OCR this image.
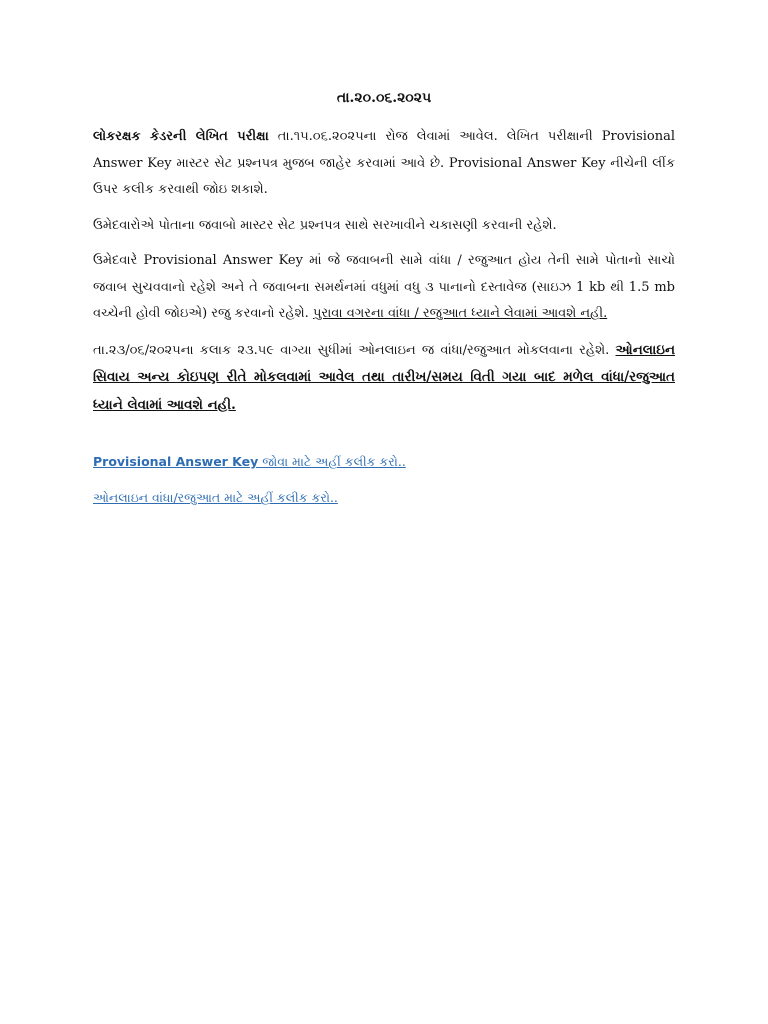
તા.૨૦.૦૬.૨૦૨૫

લોકરક્ષક કેડરની લેખિત પરીક્ષા તા.૧૫.૦૬.૨૦૨૫ના રોજ લેવામાં આવેલ. લેખિત પરીક્ષાની Provisional Answer Key માસ્ટર સેટ પ્રશ્નપત્ર મુજબ જાહેર કરવામાં આવે છે. Provisional Answer Key નીચેની લીંક ઉપર કલીક કરવાથી જોઇ શકાશે.

ઉમેદવારોએ પોતાના જવાબો માસ્ટર સેટ પ્રશ્નપત્ર સાથે સરખાવીને ચકાસણી કરવાની રહેશે.

ઉમેદવારે Provisional Answer Key માં જે જવાબની સામે વાંધા / રજુઆત હોય તેની સામે પોતાનો સાચો જવાબ સુચવવાનો રહેશે અને તે જવાબના સમર્થનમાં વધુમાં વધુ ૩ પાનાનો દસ્તાવેજ (સાઇઝ 1 kb થી 1.5 mb વચ્ચેની હોવી જોઇએ) રજુ કરવાનો રહેશે. પુરાવા વગરના વાંધા / રજુઆત ધ્યાને લેવામાં આવશે નહી.

તા.૨૩/૦૬/૨૦૨૫ના કલાક ૨૩.૫૯ વાગ્યા સુધીમાં ઓનલાઇન જ વાંધા/રજુઆત મોકલવાના રહેશે. ઓનલાઇન સિવાય અન્ય કોઇપણ રીતે મોકલવામાં આવેલ તથા તારીખ/સમય વિતી ગયા બાદ મળેલ વાંધા/રજુઆત ધ્યાને લેવામાં આવશે નહી.

Provisional Answer Key જોવા માટે અહીં કલીક કરો..
ઓનલાઇન વાંધા/રજુઆત માટે અહીં કલીક કરો..
